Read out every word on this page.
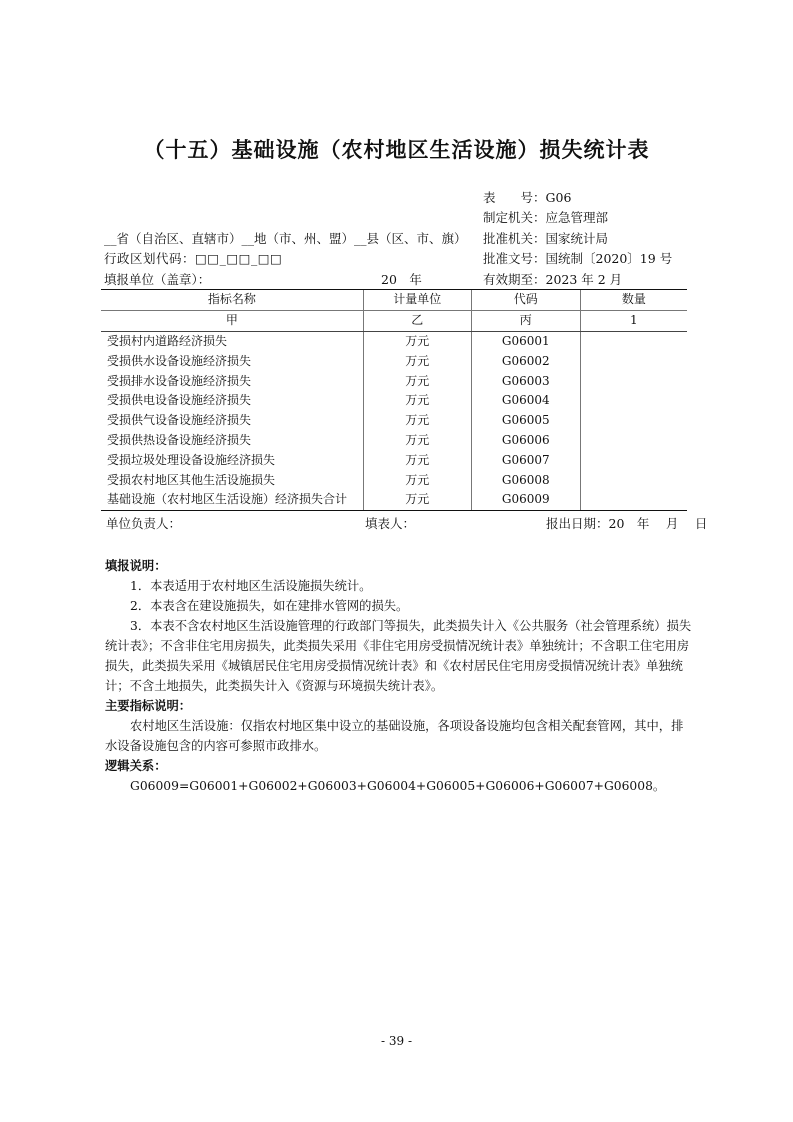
（十五）基础设施（农村地区生活设施）损失统计表
表　　号：G06
制定机关：应急管理部
__省（自治区、直辖市）__地（市、州、盟）__县（区、市、旗） 批准机关：国家统计局
行政区划代码：□□_□□_□□	批准文号：国统制〔2020〕19 号
填报单位（盖章）：	20　年	有效期至：2023 年 2 月
指标名称	计量单位	代码	数量
甲	乙	丙	1
受损村内道路经济损失	万元	G06001	
受损供水设备设施经济损失	万元	G06002	
受损排水设备设施经济损失	万元	G06003	
受损供电设备设施经济损失	万元	G06004	
受损供气设备设施经济损失	万元	G06005	
受损供热设备设施经济损失	万元	G06006	
受损垃圾处理设备设施经济损失	万元	G06007	
受损农村地区其他生活设施损失	万元	G06008	
基础设施（农村地区生活设施）经济损失合计	万元	G06009	
单位负责人：	填表人：	报出日期：20　年　 月　 日

填报说明：

1．本表适用于农村地区生活设施损失统计。

2．本表含在建设施损失，如在建排水管网的损失。

3．本表不含农村地区生活设施管理的行政部门等损失，此类损失计入《公共服务（社会管理系统）损失统计表》；不含非住宅用房损失，此类损失采用《非住宅用房受损情况统计表》单独统计；不含职工住宅用房损失，此类损失采用《城镇居民住宅用房受损情况统计表》和《农村居民住宅用房受损情况统计表》单独统计；不含土地损失，此类损失计入《资源与环境损失统计表》。

主要指标说明：

农村地区生活设施：仅指农村地区集中设立的基础设施，各项设备设施均包含相关配套管网，其中，排水设备设施包含的内容可参照市政排水。

逻辑关系：

G06009=G06001+G06002+G06003+G06004+G06005+G06006+G06007+G06008。

- 39 -
